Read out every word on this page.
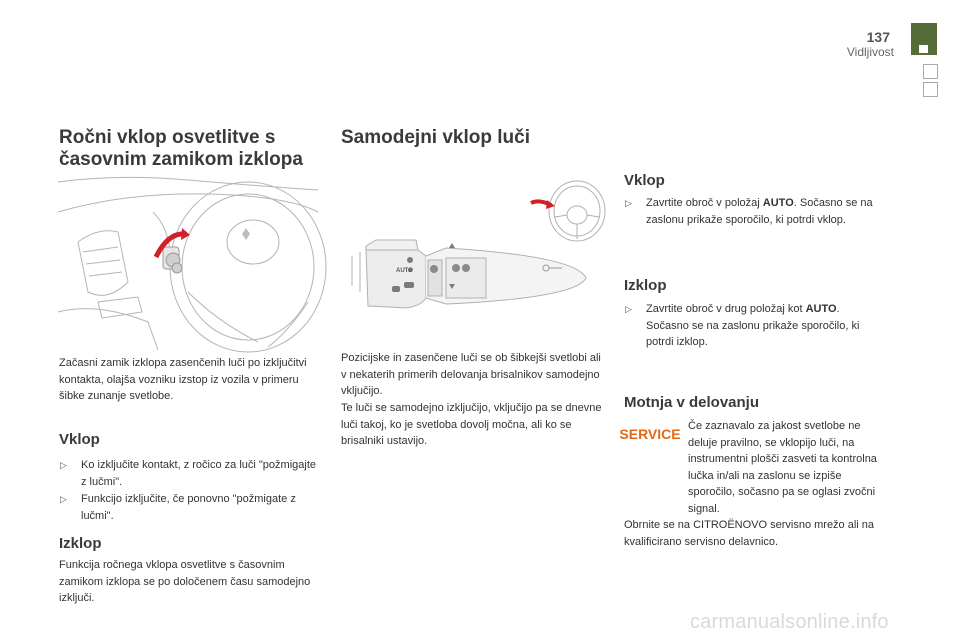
137
Vidljivost
Ročni vklop osvetlitve s
časovnim zamikom izklopa
Začasni zamik izklopa zasenčenih luči po izključitvi kontakta, olajša vozniku izstop iz vozila v primeru šibke zunanje svetlobe.
Vklop
▷ Ko izključite kontakt, z ročico za luči "požmigajte z lučmi".
▷ Funkcijo izključite, če ponovno "požmigate z lučmi".
Izklop
Funkcija ročnega vklopa osvetlitve s časovnim zamikom izklopa se po določenem času samodejno izključi.
Samodejni vklop luči
AUTO
Pozicijske in zasenčene luči se ob šibkejši svetlobi ali v nekaterih primerih delovanja brisalnikov samodejno vključijo.
Te luči se samodejno izključijo, vključijo pa se dnevne luči takoj, ko je svetloba dovolj močna, ali ko se brisalniki ustavijo.
Vklop
▷ Zavrtite obroč v položaj AUTO. Sočasno se na zaslonu prikaže sporočilo, ki potrdi vklop.
Izklop
▷ Zavrtite obroč v drug položaj kot AUTO. Sočasno se na zaslonu prikaže sporočilo, ki potrdi izklop.
Motnja v delovanju
SERVICE Če zaznavalo za jakost svetlobe ne deluje pravilno, se vklopijo luči, na instrumentni plošči zasveti ta kontrolna lučka in/ali na zaslonu se izpiše sporočilo, sočasno pa se oglasi zvočni signal.
Obrnite se na CITROËNOVO servisno mrežo ali na kvalificirano servisno delavnico.
carmanualsonline.info
